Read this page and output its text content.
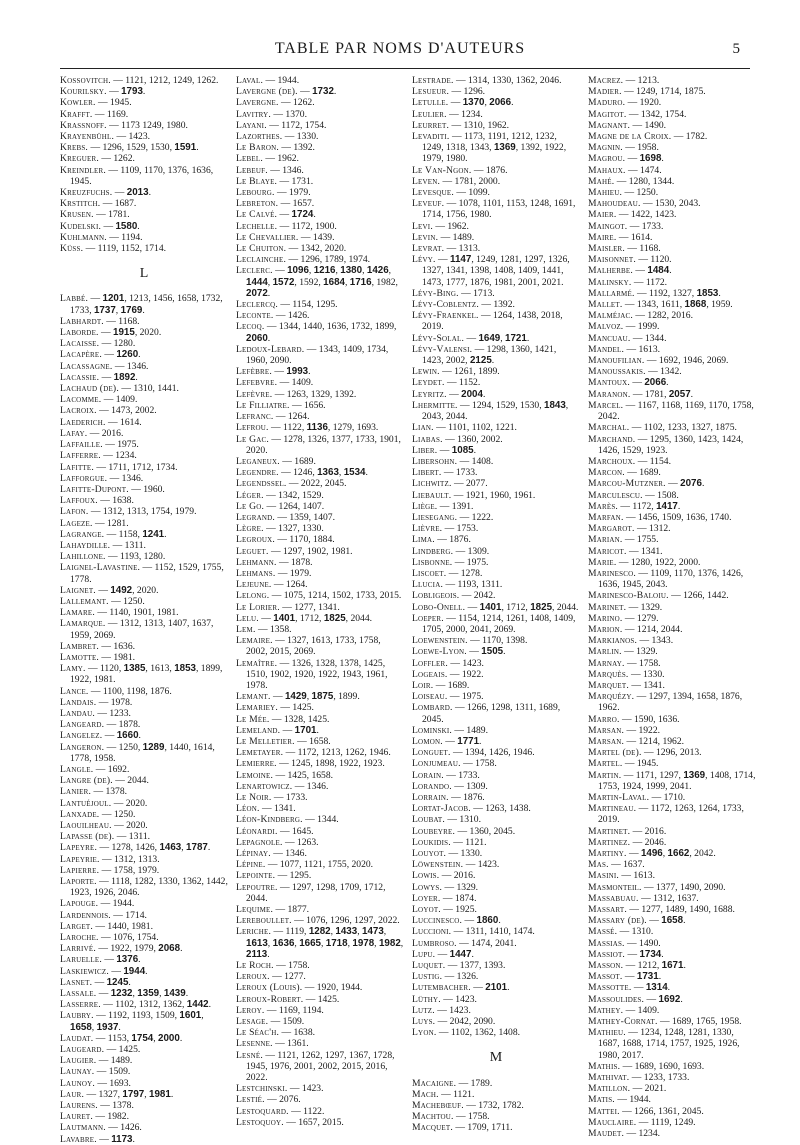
TABLE PAR NOMS D'AUTEURS	5

Kossovitch. — 1121, 1212, 1249, 1262.

Kourilsky. — 1793.

Kowler. — 1945.

Krafft. — 1169.

Krassnoff. — 1173 1249, 1980.

Krayenbühl. — 1423.

Krebs. — 1296, 1529, 1530, 1591.

Kreguer. — 1262.

Kreindler. — 1109, 1170, 1376, 1636, 1945.

Kreuzfuchs. — 2013.

Krstitch. — 1687.

Krusen. — 1781.

Kudelski. — 1580.

Kuhlmann. — 1194.

Küss. — 1119, 1152, 1714.

L

Labbé. — 1201, 1213, 1456, 1658, 1732, 1733, 1737, 1769.

Labhardt. — 1168.

Laborde. — 1915, 2020.

Lacaisse. — 1280.

Lacapère. — 1260.

Lacassagne. — 1346.

Lacassie. — 1892.

Lachaud (de). — 1310, 1441.

Lacomme. — 1409.

Lacroix. — 1473, 2002.

Laederich. — 1614.

Lafay. — 2016.

Laffaille. — 1975.

Lafferre. — 1234.

Lafitte. — 1711, 1712, 1734.

Lafforgue. — 1346.

Lafitte-Dupont. — 1960.

Laffoux. — 1638.

Lafon. — 1312, 1313, 1754, 1979.

Lageze. — 1281.

Lagrange. — 1158, 1241.

Lahaydille. — 1311.

Lahillone. — 1193, 1280.

Laignel-Lavastine. — 1152, 1529, 1755, 1778.

Laignet. — 1492, 2020.

Lallemant. — 1250.

Lamare. — 1140, 1901, 1981.

Lamarque. — 1312, 1313, 1407, 1637, 1959, 2069.

Lambret. — 1636.

Lamotte. — 1981.

Lamy. — 1120, 1385, 1613, 1853, 1899, 1922, 1981.

Lance. — 1100, 1198, 1876.

Landais. — 1978.

Landau. — 1233.

Langeard. — 1878.

Langelez. — 1660.

Langeron. — 1250, 1289, 1440, 1614, 1778, 1958.

Langle. — 1692.

Langre (de). — 2044.

Lanier. — 1378.

Lantuéjoul. — 2020.

Lanxade. — 1250.

Laouilheau. — 2020.

Lapasse (de). — 1311.

Lapeyre. — 1278, 1426, 1463, 1787.

Lapeyrie. — 1312, 1313.

Lapierre. — 1758, 1979.

Laporte. — 1118, 1282, 1330, 1362, 1442, 1923, 1926, 2046.

Lapouge. — 1944.

Lardennois. — 1714.

Larget. — 1440, 1981.

Laroche. — 1076, 1754.

Larrivé. — 1922, 1979, 2068.

Laruelle. — 1376.

Laskiewicz. — 1944.

Lasnet. — 1245.

Lassale. — 1232, 1359, 1439.

Lasserre. — 1102, 1312, 1362, 1442.

Laubry. — 1192, 1193, 1509, 1601, 1658, 1937.

Laudat. — 1153, 1754, 2000.

Laugeard. — 1425.

Laugier. — 1489.

Launay. — 1509.

Launoy. — 1693.

Laur. — 1327, 1797, 1981.

Laurens. — 1378.

Lauret. — 1982.

Lautmann. — 1426.

Lavabre. — 1173.

Laval. — 1944.

Lavergne (de). — 1732.

Lavergne. — 1262.

Lavitry. — 1370.

Layani. — 1172, 1754.

Lazorthes. — 1330.

Le Baron. — 1392.

Lebel. — 1962.

Lebeuf. — 1346.

Le Blaye. — 1731.

Lebourg. — 1979.

Lebreton. — 1657.

Le Calvé. — 1724.

Lechelle. — 1172, 1900.

Le Chevallier. — 1439.

Le Chuiton. — 1342, 2020.

Leclainche. — 1296, 1789, 1974.

Leclerc. — 1096, 1216, 1380, 1426, 1444, 1572, 1592, 1684, 1716, 1982, 2072.

Leclercq. — 1154, 1295.

Leconte. — 1426.

Lecoq. — 1344, 1440, 1636, 1732, 1899, 2060.

Ledoux-Lebard. — 1343, 1409, 1734, 1960, 2090.

Lefèbre. — 1993.

Lefebvre. — 1409.

Lefèvre. — 1263, 1329, 1392.

Le Filliatre. — 1656.

Lefranc. — 1264.

Lefrou. — 1122, 1136, 1279, 1693.

Le Gac. — 1278, 1326, 1377, 1733, 1901, 2020.

Leganeux. — 1689.

Legendre. — 1246, 1363, 1534.

Legendssel. — 2022, 2045.

Léger. — 1342, 1529.

Le Go. — 1264, 1407.

Legrand. — 1359, 1407.

Lègre. — 1327, 1330.

Legroux. — 1170, 1884.

Leguet. — 1297, 1902, 1981.

Lehmann. — 1878.

Lehmans. — 1979.

Lejeune. — 1264.

Lelong. — 1075, 1214, 1502, 1733, 2015.

Le Lorier. — 1277, 1341.

Lelu. — 1401, 1712, 1825, 2044.

Lem. — 1358.

Lemaire. — 1327, 1613, 1733, 1758, 2002, 2015, 2069.

Lemaître. — 1326, 1328, 1378, 1425, 1510, 1902, 1920, 1922, 1943, 1961, 1978.

Lemant. — 1429, 1875, 1899.

Lemariey. — 1425.

Le Mée. — 1328, 1425.

Lemeland. — 1701.

Le Melletier. — 1658.

Lemetayer. — 1172, 1213, 1262, 1946.

Lemierre. — 1245, 1898, 1922, 1923.

Lemoine. — 1425, 1658.

Lenartowicz. — 1346.

Le Noir. — 1733.

Léon. — 1341.

Léon-Kindberg. — 1344.

Léonardi. — 1645.

Lepagnole. — 1263.

Lépinay. — 1346.

Lépine. — 1077, 1121, 1755, 2020.

Lepointe. — 1295.

Lepoutre. — 1297, 1298, 1709, 1712, 2044.

Lequime. — 1877.

Lereboullet. — 1076, 1296, 1297, 2022.

Leriche. — 1119, 1282, 1433, 1473, 1613, 1636, 1665, 1718, 1978, 1982, 2113.

Le Roch. — 1758.

Leroux. — 1277.

Leroux (Louis). — 1920, 1944.

Leroux-Robert. — 1425.

Leroy. — 1169, 1194.

Lesage. — 1509.

Le Séac'h. — 1638.

Lesenne. — 1361.

Lesné. — 1121, 1262, 1297, 1367, 1728, 1945, 1976, 2001, 2002, 2015, 2016, 2022.

Lestchinski. — 1423.

Lestié. — 2076.

Lestoquard. — 1122.

Lestoquoy. — 1657, 2015.

Lestrade. — 1314, 1330, 1362, 2046.

Lesueur. — 1296.

Letulle. — 1370, 2066.

Leulier. — 1234.

Leurret. — 1310, 1962.

Levaditi. — 1173, 1191, 1212, 1232, 1249, 1318, 1343, 1369, 1392, 1922, 1979, 1980.

Le Van-Ngon. — 1876.

Leven. — 1781, 2000.

Levesque. — 1099.

Leveuf. — 1078, 1101, 1153, 1248, 1691, 1714, 1756, 1980.

Levi. — 1962.

Levin. — 1489.

Levrat. — 1313.

Lévy. — 1147, 1249, 1281, 1297, 1326, 1327, 1341, 1398, 1408, 1409, 1441, 1473, 1777, 1876, 1981, 2001, 2021.

Lévy-Bing. — 1713.

Lévy-Coblentz. — 1392.

Lévy-Fraenkel. — 1264, 1438, 2018, 2019.

Lévy-Solal. — 1649, 1721.

Lévy-Valensi. — 1298, 1360, 1421, 1423, 2002, 2125.

Lewin. — 1261, 1899.

Leydet. — 1152.

Leyritz. — 2004.

Lhermitte. — 1294, 1529, 1530, 1843, 2043, 2044.

Lian. — 1101, 1102, 1221.

Liabas. — 1360, 2002.

Liber. — 1085.

Libersohn. — 1408.

Libert. — 1733.

Lichwitz. — 2077.

Liebault. — 1921, 1960, 1961.

Liège. — 1391.

Liesegang. — 1222.

Lièvre. — 1753.

Lima. — 1876.

Lindberg. — 1309.

Lisbonne. — 1975.

Liscoet. — 1278.

Llucia. — 1193, 1311.

Lobligeois. — 2042.

Lobo-Onell. — 1401, 1712, 1825, 2044.

Loeper. — 1154, 1214, 1261, 1408, 1409, 1705, 2000, 2041, 2069.

Loewenstein. — 1170, 1398.

Loewe-Lyon. — 1505.

Loffler. — 1423.

Logeais. — 1922.

Loir. — 1689.

Loiseau. — 1975.

Lombard. — 1266, 1298, 1311, 1689, 2045.

Lominski. — 1489.

Lomon. — 1771.

Longuet. — 1394, 1426, 1946.

Lonjumeau. — 1758.

Lorain. — 1733.

Lorando. — 1309.

Lorrain. — 1876.

Lortat-Jacob. — 1263, 1438.

Loubat. — 1310.

Loubeyre. — 1360, 2045.

Loukidis. — 1121.

Louyot. — 1330.

Löwenstein. — 1423.

Lowis. — 2016.

Lowys. — 1329.

Loyer. — 1874.

Loyot. — 1925.

Luccinesco. — 1860.

Luccioni. — 1311, 1410, 1474.

Lumbroso. — 1474, 2041.

Lupu. — 1447.

Luquet. — 1377, 1393.

Lustig. — 1326.

Lutembacher. — 2101.

Lüthy. — 1423.

Lutz. — 1423.

Luys. — 2042, 2090.

Lyon. — 1102, 1362, 1408.

M

Macaigne. — 1789.

Mach. — 1121.

Machebœuf. — 1732, 1782.

Machtou. — 1758.

Macquet. — 1709, 1711.

Macrez. — 1213.

Madier. — 1249, 1714, 1875.

Maduro. — 1920.

Magitot. — 1342, 1754.

Magnant. — 1490.

Magne de la Croix. — 1782.

Magnin. — 1958.

Magrou. — 1698.

Mahaux. — 1474.

Mahé. — 1280, 1344.

Mahieu. — 1250.

Mahoudeau. — 1530, 2043.

Maier. — 1422, 1423.

Maingot. — 1733.

Maire. — 1614.

Maisler. — 1168.

Maisonnet. — 1120.

Malherbe. — 1484.

Malinsky. — 1172.

Mallarmé. — 1192, 1327, 1853.

Mallet. — 1343, 1611, 1868, 1959.

Malméjac. — 1282, 2016.

Malvoz. — 1999.

Mancuau. — 1344.

Mandel. — 1613.

Manoufilian. — 1692, 1946, 2069.

Manoussakis. — 1342.

Mantoux. — 2066.

Maranon. — 1781, 2057.

Marcel. — 1167, 1168, 1169, 1170, 1758, 2042.

Marchal. — 1102, 1233, 1327, 1875.

Marchand. — 1295, 1360, 1423, 1424, 1426, 1529, 1923.

Marchoux. — 1154.

Marcon. — 1689.

Marcou-Mutzner. — 2076.

Marculescu. — 1508.

Marès. — 1172, 1417.

Marfan. — 1456, 1509, 1636, 1740.

Margarot. — 1312.

Marian. — 1755.

Maricot. — 1341.

Marie. — 1280, 1922, 2000.

Marinesco. — 1109, 1170, 1376, 1426, 1636, 1945, 2043.

Marinesco-Baloiu. — 1266, 1442.

Marinet. — 1329.

Marino. — 1279.

Marion. — 1214, 2044.

Markianos. — 1343.

Marlin. — 1329.

Marnay. — 1758.

Marquès. — 1330.

Marquet. — 1341.

Marquézy. — 1297, 1394, 1658, 1876, 1962.

Marro. — 1590, 1636.

Marsan. — 1922.

Marsan. — 1214, 1962.

Martel (de). — 1296, 2013.

Martel. — 1945.

Martin. — 1171, 1297, 1369, 1408, 1714, 1753, 1924, 1999, 2041.

Martin-Laval. — 1710.

Martineau. — 1172, 1263, 1264, 1733, 2019.

Martinet. — 2016.

Martinez. — 2046.

Martiny. — 1496, 1662, 2042.

Mas. — 1637.

Masini. — 1613.

Masmonteil. — 1377, 1490, 2090.

Massabuau. — 1312, 1637.

Massart. — 1277, 1489, 1490, 1688.

Massary (de). — 1658.

Massé. — 1310.

Massias. — 1490.

Massiot. — 1734.

Masson. — 1212, 1671.

Massot. — 1731.

Massotte. — 1314.

Massoulides. — 1692.

Mathey. — 1409.

Mathey-Cornat. — 1689, 1765, 1958.

Mathieu. — 1234, 1248, 1281, 1330, 1687, 1688, 1714, 1757, 1925, 1926, 1980, 2017.

Mathis. — 1689, 1690, 1693.

Mathivat. — 1233, 1733.

Matillon. — 2021.

Matis. — 1944.

Mattei. — 1266, 1361, 2045.

Mauclaire. — 1119, 1249.

Maudet. — 1234.
